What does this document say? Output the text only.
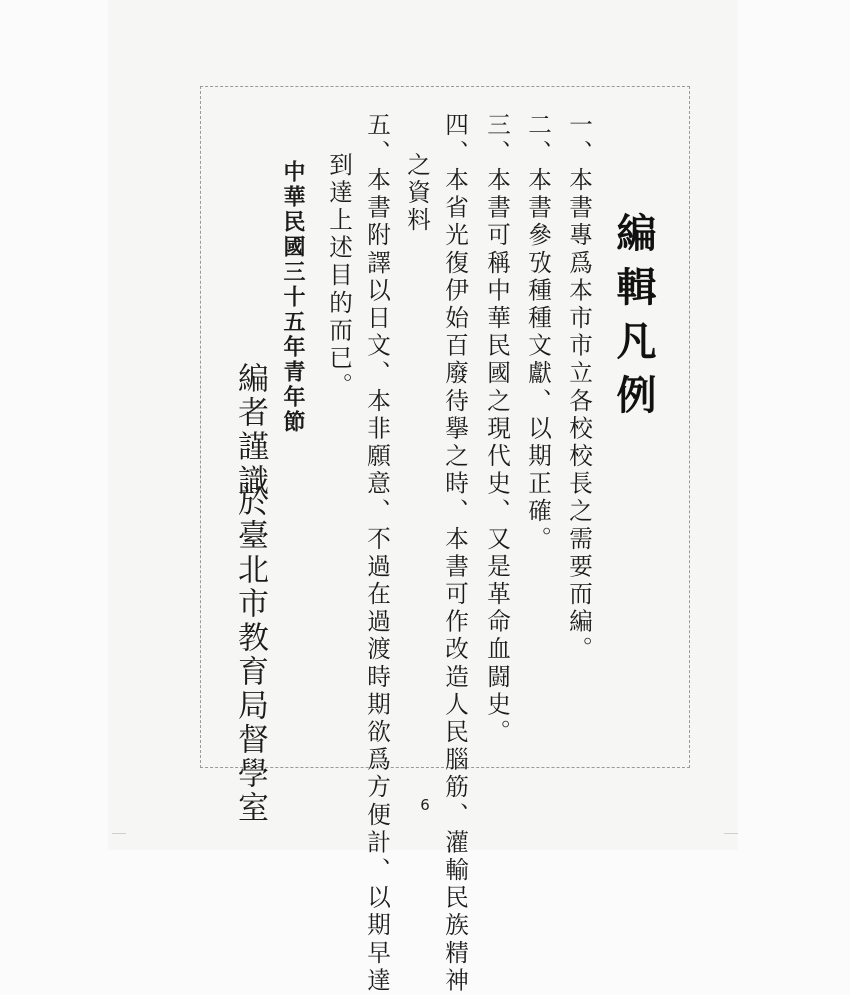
編輯凡例
一、本書專爲本市市立各校校長之需要而編。
二、本書參攷種種文獻、以期正確。
三、本書可稱中華民國之現代史、又是革命血闘史。
四、本省光復伊始百廢待擧之時、本書可作改造人民腦筋、灌輸民族精神
之資料
五、本書附譯以日文、本非願意、不過在過渡時期欲爲方便計、以期早達
到達上述目的而已。
中華民國三十五年青年節
編者謹識
於臺北市教育局督學室	6
